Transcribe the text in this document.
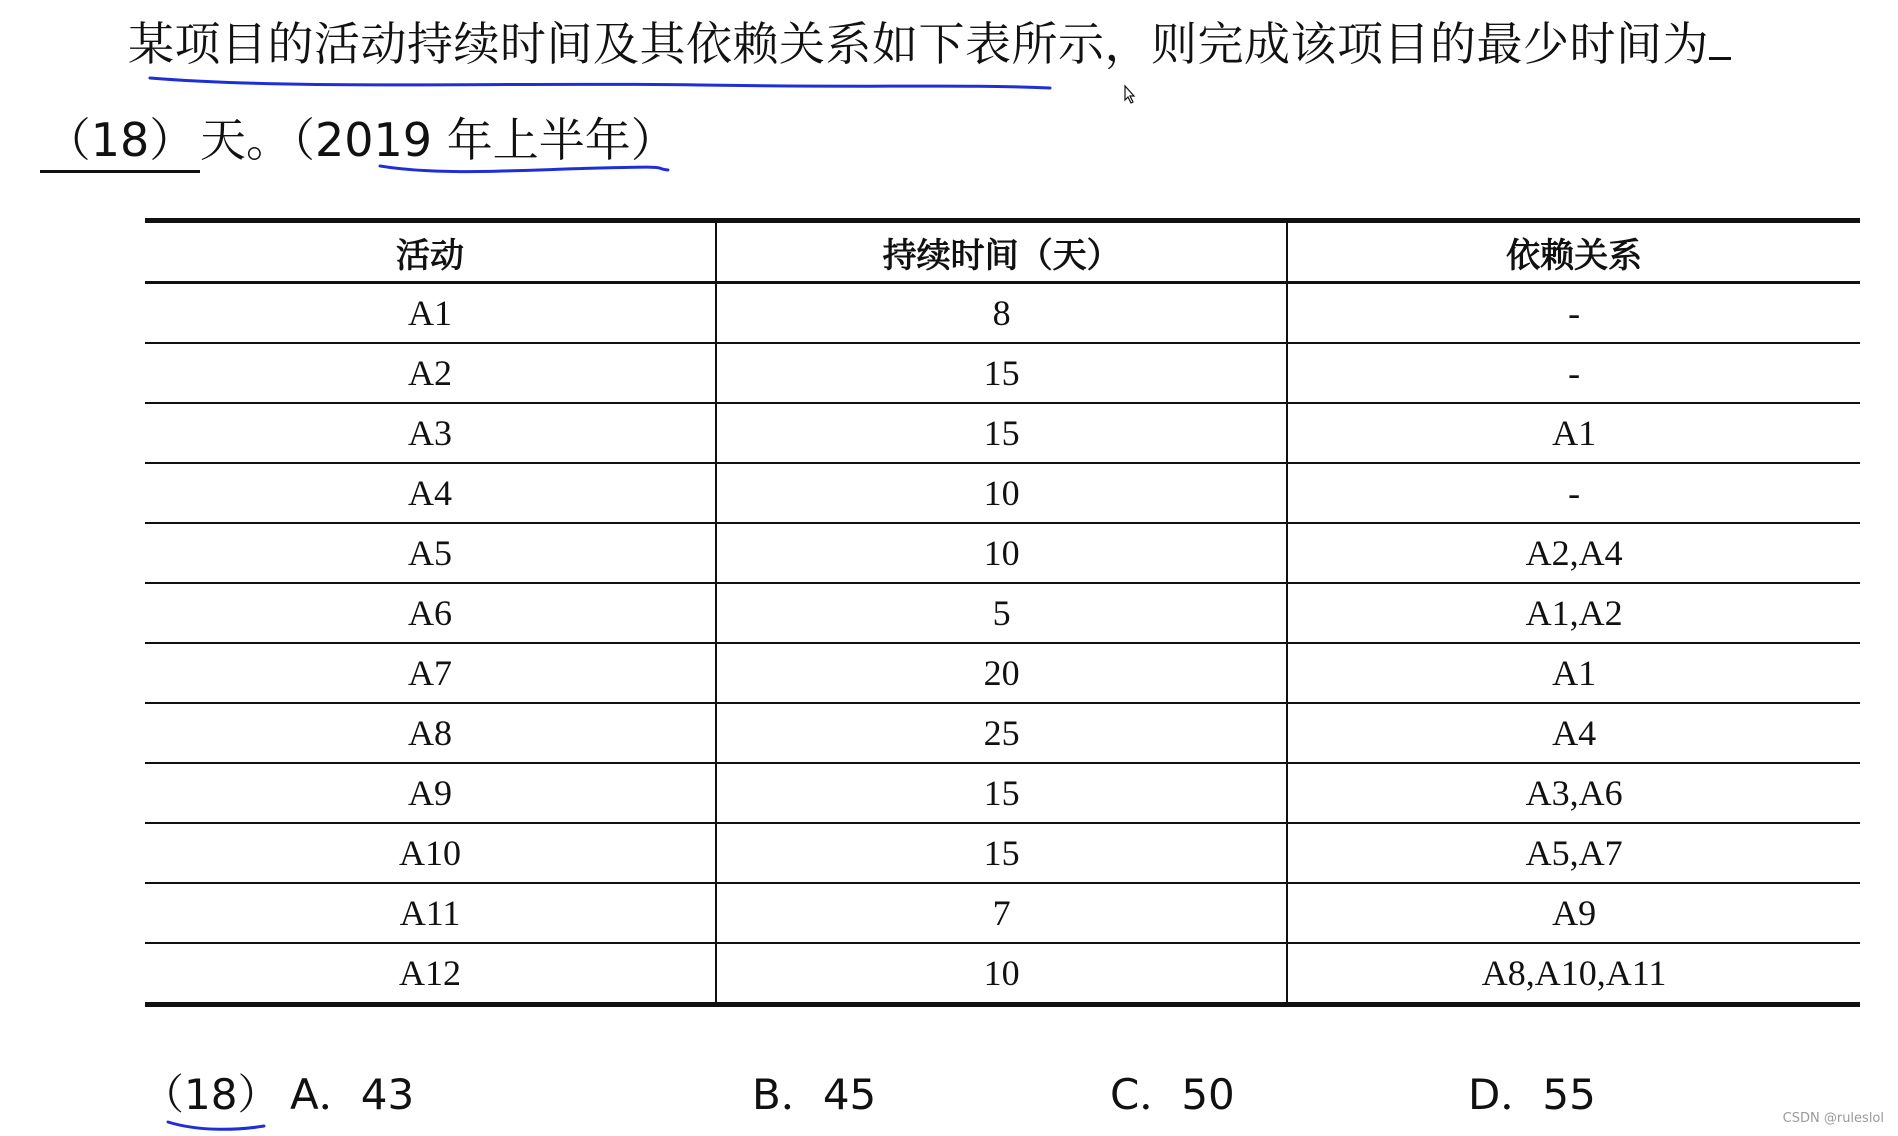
某项目的活动持续时间及其依赖关系如下表所示，则完成该项目的最少时间为
（18） 天。（2019 年上半年）
活动	持续时间（天）	依赖关系
A1	8	-
A2	15	-
A3	15	A1
A4	10	-
A5	10	A2,A4
A6	5	A1,A2
A7	20	A1
A8	25	A4
A9	15	A3,A6
A10	15	A5,A7
A11	7	A9
A12	10	A8,A10,A11
（18） A．43	B．45	C．50	D．55	CSDN @ruleslol
